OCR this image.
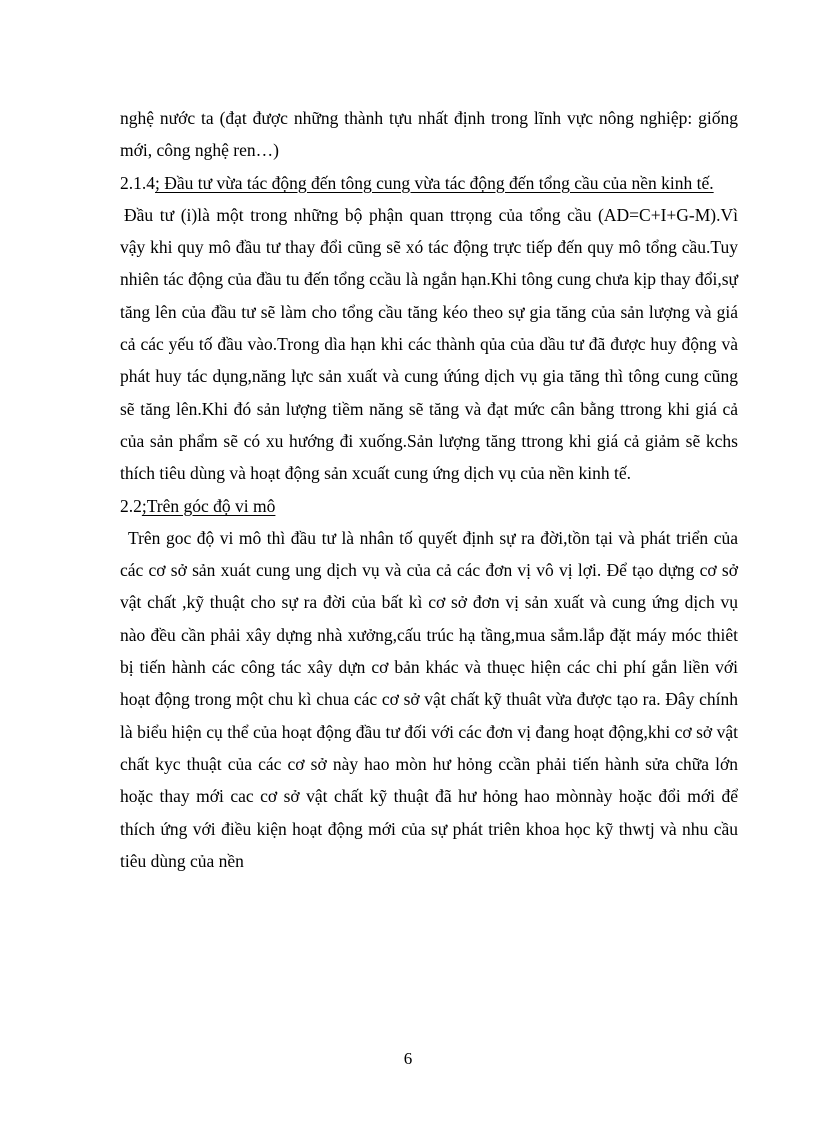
nghệ nước ta (đạt được những thành tựu nhất định trong lĩnh vực nông nghiệp: giống mới, công nghệ ren…)

2.1.4; Đầu tư vừa tác động đến tông cung vừa tác động đến tổng cầu của nền kinh tế.

Đầu tư (i)là một trong những bộ phận quan ttrọng của tổng cầu (AD=C+I+G-M).Vì vậy khi quy mô đầu tư thay đổi cũng sẽ xó tác động trực tiếp đến quy mô tổng cầu.Tuy nhiên tác động của đầu tu đến tổng ccầu là ngắn hạn.Khi tông cung chưa kịp thay đổi,sự tăng lên của đầu tư sẽ làm cho tổng cầu tăng kéo theo sự gia tăng của sản lượng và giá cả các yếu tố đầu vào.Trong dìa hạn khi các thành qủa của dầu tư đã được huy động và phát huy tác dụng,năng lực sản xuất và cung ứúng dịch vụ gia tăng thì tông cung cũng sẽ tăng lên.Khi đó sản lượng tiềm năng sẽ tăng và đạt mức cân bằng ttrong khi giá cả của sản phẩm sẽ có xu hướng đi xuống.Sản lượng tăng ttrong khi giá cả giảm sẽ kchs thích tiêu dùng và hoạt động sản xcuất cung ứng dịch vụ của nền kinh tế.

2.2;Trên góc độ vi mô

Trên goc độ vi mô thì đầu tư là nhân tố quyết định sự ra đời,tồn tại và phát triển của các cơ sở sản xuát cung ung dịch vụ và của cả các đơn vị vô vị lợi. Để tạo dựng cơ sở vật chất ,kỹ thuật cho sự ra đời của bất kì cơ sở đơn vị sản xuất và cung ứng dịch vụ nào đều cần phải xây dựng nhà xưởng,cấu trúc hạ tầng,mua sắm.lắp đặt máy móc thiêt bị tiến hành các công tác xây dựn cơ bản khác và thuẹc hiện các chi phí gắn liền với hoạt động trong một chu kì chua các cơ sở vật chất kỹ thuât vừa được tạo ra. Đây chính là biểu hiện cụ thể của hoạt động đầu tư đối với các đơn vị đang hoạt động,khi cơ sở vật chất kyc thuật của các cơ sở này hao mòn hư hỏng ccần phải tiến hành sửa chữa lớn hoặc thay mới cac cơ sở vật chất kỹ thuật đã hư hỏng hao mònnày hoặc đổi mới để thích ứng với điều kiện hoạt động mới của sự phát triên khoa học kỹ thwtj và nhu cầu tiêu dùng của nền

6
